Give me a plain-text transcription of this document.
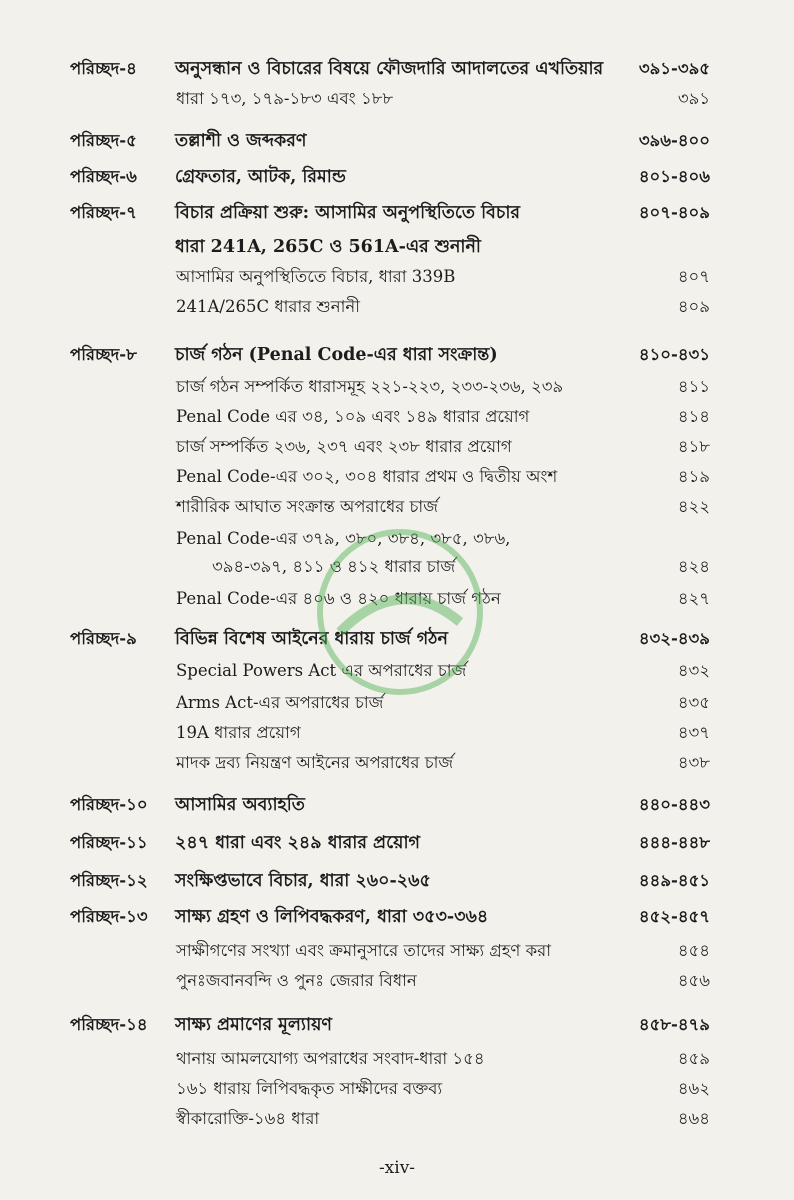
পরিচ্ছদ-৪ অনুসন্ধান ও বিচারের বিষয়ে ফৌজদারি আদালতের এখতিয়ার ৩৯১-৩৯৫
ধারা ১৭৩, ১৭৯-১৮৩ এবং ১৮৮	৩৯১
পরিচ্ছদ-৫ তল্লাশী ও জব্দকরণ	৩৯৬-৪০০
পরিচ্ছদ-৬ গ্রেফতার, আটক, রিমান্ড	৪০১-৪০৬
পরিচ্ছদ-৭ বিচার প্রক্রিয়া শুরু: আসামির অনুপস্থিতিতে বিচার	৪০৭-৪০৯
ধারা 241A, 265C ও 561A-এর শুনানী
আসামির অনুপস্থিতিতে বিচার, ধারা 339B	৪০৭
241A/265C ধারার শুনানী	৪০৯
পরিচ্ছদ-৮ চার্জ গঠন (Penal Code-এর ধারা সংক্রান্ত)	৪১০-৪৩১
চার্জ গঠন সম্পর্কিত ধারাসমূহ ২২১-২২৩, ২৩৩-২৩৬, ২৩৯	৪১১
Penal Code এর ৩৪, ১০৯ এবং ১৪৯ ধারার প্রয়োগ	৪১৪
চার্জ সম্পর্কিত ২৩৬, ২৩৭ এবং ২৩৮ ধারার প্রয়োগ	৪১৮
Penal Code-এর ৩০২, ৩০৪ ধারার প্রথম ও দ্বিতীয় অংশ	৪১৯
শারীরিক আঘাত সংক্রান্ত অপরাধের চার্জ	৪২২
Penal Code-এর ৩৭৯, ৩৮০, ৩৮৪, ৩৮৫, ৩৮৬,
৩৯৪-৩৯৭, ৪১১ ও ৪১২ ধারার চার্জ	৪২৪
Penal Code-এর ৪০৬ ও ৪২০ ধারায় চার্জ গঠন	৪২৭
পরিচ্ছদ-৯ বিভিন্ন বিশেষ আইনের ধারায় চার্জ গঠন	৪৩২-৪৩৯
Special Powers Act এর অপরাধের চার্জ	৪৩২
Arms Act-এর অপরাধের চার্জ	৪৩৫
19A ধারার প্রয়োগ	৪৩৭
মাদক দ্রব্য নিয়ন্ত্রণ আইনের অপরাধের চার্জ	৪৩৮
পরিচ্ছদ-১০ আসামির অব্যাহতি	৪৪০-৪৪৩
পরিচ্ছদ-১১ ২৪৭ ধারা এবং ২৪৯ ধারার প্রয়োগ	৪৪৪-৪৪৮
পরিচ্ছদ-১২ সংক্ষিপ্তভাবে বিচার, ধারা ২৬০-২৬৫	৪৪৯-৪৫১
পরিচ্ছদ-১৩ সাক্ষ্য গ্রহণ ও লিপিবদ্ধকরণ, ধারা ৩৫৩-৩৬৪	৪৫২-৪৫৭
সাক্ষীগণের সংখ্যা এবং ক্রমানুসারে তাদের সাক্ষ্য গ্রহণ করা	৪৫৪
পুনঃজবানবন্দি ও পুনঃ জেরার বিধান	৪৫৬
পরিচ্ছদ-১৪ সাক্ষ্য প্রমাণের মূল্যায়ণ	৪৫৮-৪৭৯
থানায় আমলযোগ্য অপরাধের সংবাদ-ধারা ১৫৪	৪৫৯
১৬১ ধারায় লিপিবদ্ধকৃত সাক্ষীদের বক্তব্য	৪৬২
স্বীকারোক্তি-১৬৪ ধারা	৪৬৪
-xiv-
